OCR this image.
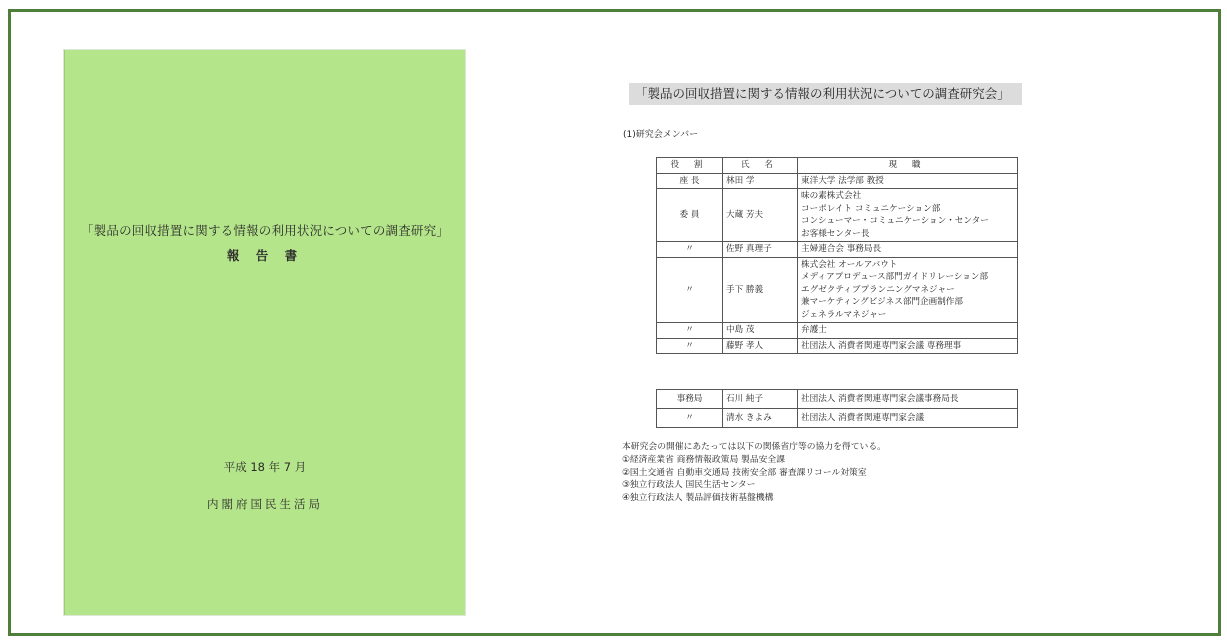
「製品の回収措置に関する情報の利用状況についての調査研究」
報 告 書
平成 18 年 7 月
内閣府国民生活局
「製品の回収措置に関する情報の利用状況についての調査研究会」
(1)研究会メンバー
役 割	氏 名	現 職
座 長	林田 学	東洋大学 法学部 教授
委 員	大蔵 芳夫	味の素株式会社
コーポレイト コミュニケーション部
コンシューマー・コミュニケーション・センター
お客様センター長
〃	佐野 真理子	主婦連合会 事務局長
〃	手下 勝義	株式会社 オールアバウト
メディアプロデュース部門ガイドリレーション部
エグゼクティブプランニングマネジャー
兼マーケティングビジネス部門企画制作部
ジェネラルマネジャー
〃	中島 茂	弁護士
〃	藤野 孝人	社団法人 消費者関連専門家会議 専務理事
事務局	石川 純子	社団法人 消費者関連専門家会議事務局長
〃	清水 きよみ	社団法人 消費者関連専門家会議
本研究会の開催にあたっては以下の関係省庁等の協力を得ている。
①経済産業省 商務情報政策局 製品安全課
②国土交通省 自動車交通局 技術安全部 審査課リコール対策室
③独立行政法人 国民生活センター
④独立行政法人 製品評価技術基盤機構
